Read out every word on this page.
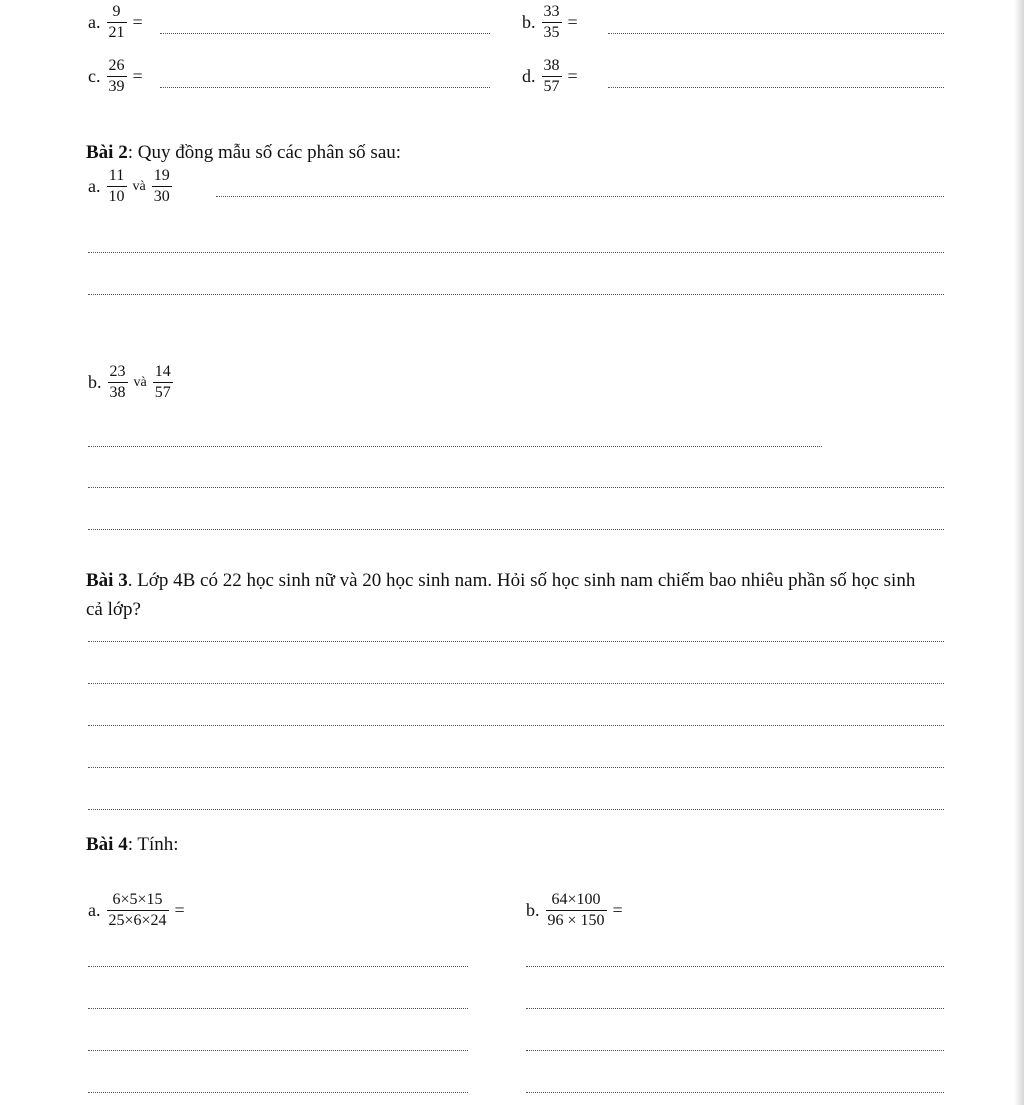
a. $\frac{9}{21}$ =	b. $\frac{33}{35}$ =
c. $\frac{26}{39}$ =	d. $\frac{38}{57}$ =
Bài 2: Quy đồng mẫu số các phân số sau:
a. $\frac{11}{10}$ và $\frac{19}{30}$
b. $\frac{23}{38}$ và $\frac{14}{57}$
Bài 3. Lớp 4B có 22 học sinh nữ và 20 học sinh nam. Hỏi số học sinh nam chiếm bao nhiêu phần số học sinh cả lớp?
Bài 4: Tính:
a. $\frac{6\times 5\times 15}{25\times 6\times 24}$ =	b. $\frac{64\times 100}{96 \times 150}$ =
